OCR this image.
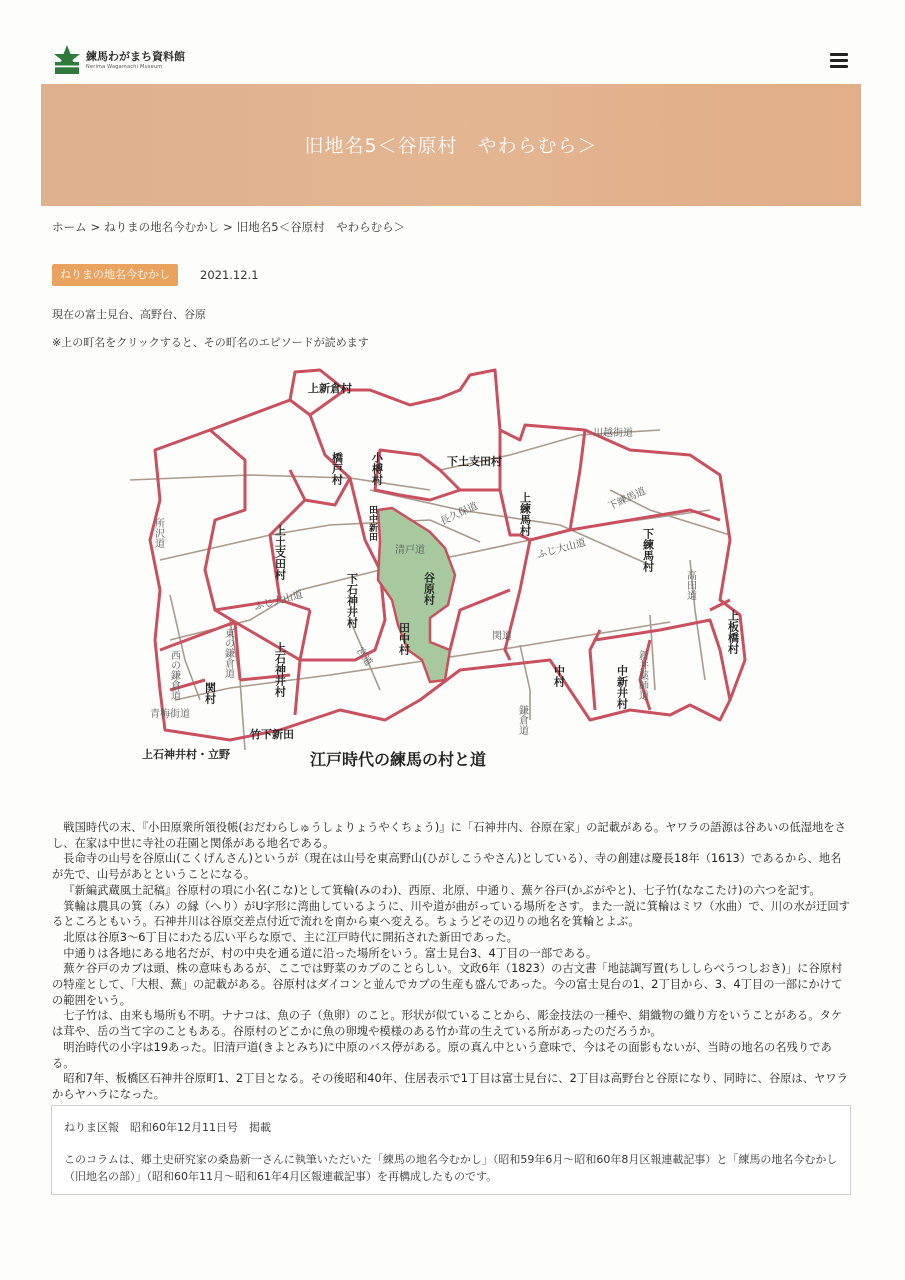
練馬わがまち資料館
Nerima Wagamachi Museum
旧地名5＜谷原村　やわらむら＞
ホーム > ねりまの地名今むかし > 旧地名5＜谷原村　やわらむら＞
ねりまの地名今むかし	2021.12.1
現在の富士見台、高野台、谷原
※上の町名をクリックすると、その町名のエピソードが読めます
上新倉村
小榑村
橋戸村	下土支田村
上練馬村
田中新田
上土支田村
谷原村
下石神井村
下練馬村
上板橋村
田中村
上石神井村
関村
中村	中新井村
竹下新田
上石神井村・立野
川越街道
所沢道
清戸道
長久保道
ふじ大山道
ふじ大山道
下練馬道
高田道
東の鎌倉道
西の鎌倉道
青梅街道
関道
鎌倉道
新井薬師道
宮道
江戸時代の練馬の村と道

戦国時代の末、『小田原衆所領役帳(おだわらしゅうしょりょうやくちょう)』に「石神井内、谷原在家」の記載がある。ヤワラの語源は谷あいの低湿地をさし、在家は中世に寺社の荘園と関係がある地名である。

長命寺の山号を谷原山(こくげんさん)というが（現在は山号を東高野山(ひがしこうやさん)としている）、寺の創建は慶長18年（1613）であるから、地名が先で、山号があとということになる。

『新編武蔵風土記稿』谷原村の項に小名(こな)として箕輪(みのわ)、西原、北原、中通り、蕪ケ谷戸(かぶがやと)、七子竹(ななこたけ)の六つを記す。

箕輪は農具の箕（み）の縁（へり）がU字形に湾曲しているように、川や道が曲がっている場所をさす。また一説に箕輪はミワ（水曲）で、川の水が迂回するところともいう。石神井川は谷原交差点付近で流れを南から東へ変える。ちょうどその辺りの地名を箕輪とよぶ。

北原は谷原3〜6丁目にわたる広い平らな原で、主に江戸時代に開拓された新田であった。

中通りは各地にある地名だが、村の中央を通る道に沿った場所をいう。富士見台3、4丁目の一部である。

蕪ケ谷戸のカブは頭、株の意味もあるが、ここでは野菜のカブのことらしい。文政6年（1823）の古文書「地誌調写置(ちししらべうつしおき)」に谷原村の特産として、「大根、蕪」の記載がある。谷原村はダイコンと並んでカブの生産も盛んであった。今の富士見台の1、2丁目から、3、4丁目の一部にかけての範囲をいう。

七子竹は、由来も場所も不明。ナナコは、魚の子（魚卵）のこと。形状が似ていることから、彫金技法の一種や、絹織物の織り方をいうことがある。タケは茸や、岳の当て字のこともある。谷原村のどこかに魚の卵塊や模様のある竹か茸の生えている所があったのだろうか。

明治時代の小字は19あった。旧清戸道(きよとみち)に中原のバス停がある。原の真ん中という意味で、今はその面影もないが、当時の地名の名残りである。

昭和7年、板橋区石神井谷原町1、2丁目となる。その後昭和40年、住居表示で1丁目は富士見台に、2丁目は高野台と谷原になり、同時に、谷原は、ヤワラからヤハラになった。

ねりま区報　昭和60年12月11日号　掲載
このコラムは、郷土史研究家の桑島新一さんに執筆いただいた「練馬の地名今むかし」（昭和59年6月〜昭和60年8月区報連載記事）と「練馬の地名今むかし（旧地名の部）」（昭和60年11月〜昭和61年4月区報連載記事）を再構成したものです。
